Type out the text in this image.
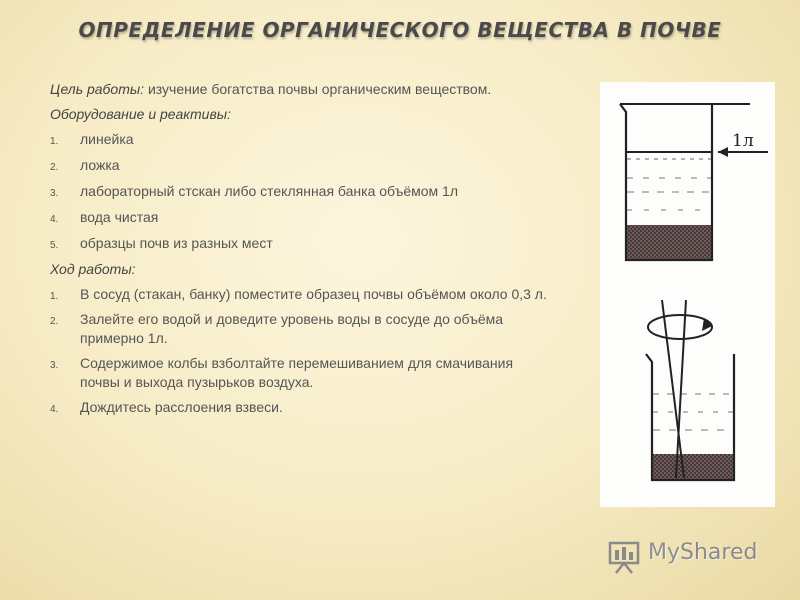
ОПРЕДЕЛЕНИЕ ОРГАНИЧЕСКОГО ВЕЩЕСТВА В ПОЧВЕ

Цель работы: изучение богатства почвы органическим веществом.

Оборудование и реактивы:

1. линейка
2. ложка
3. лабораторный стскан либо стеклянная банка объёмом 1л
4. вода чистая
5. образцы почв из разных мест

Ход работы:

1. В сосуд (стакан, банку) поместите образец почвы объёмом около 0,3 л.
2. Залейте его водой и доведите уровень воды в сосуде до объёма примерно 1л.
3. Содержимое колбы взболтайте перемешиванием для смачивания почвы и выхода пузырьков воздуха.
4. Дождитесь расслоения взвеси.
1л
MyShared
